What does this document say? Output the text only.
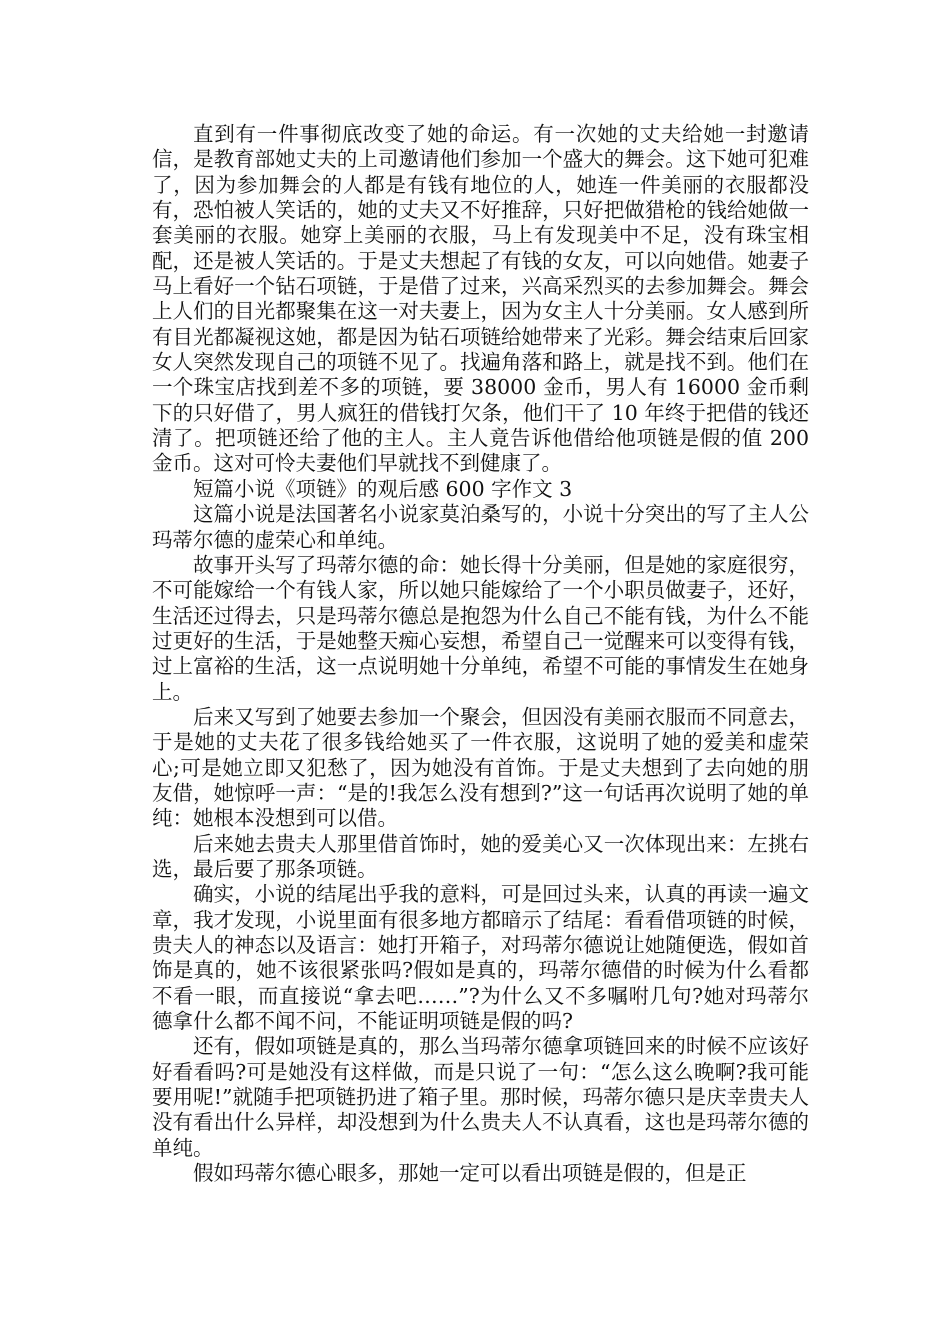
直到有一件事彻底改变了她的命运。有一次她的丈夫给她一封邀请信，是教育部她丈夫的上司邀请他们参加一个盛大的舞会。这下她可犯难了，因为参加舞会的人都是有钱有地位的人，她连一件美丽的衣服都没有，恐怕被人笑话的，她的丈夫又不好推辞，只好把做猎枪的钱给她做一套美丽的衣服。她穿上美丽的衣服，马上有发现美中不足，没有珠宝相配，还是被人笑话的。于是丈夫想起了有钱的女友，可以向她借。她妻子马上看好一个钻石项链，于是借了过来，兴高采烈买的去参加舞会。舞会上人们的目光都聚集在这一对夫妻上，因为女主人十分美丽。女人感到所有目光都凝视这她，都是因为钻石项链给她带来了光彩。舞会结束后回家女人突然发现自己的项链不见了。找遍角落和路上，就是找不到。他们在一个珠宝店找到差不多的项链，要 38000 金币，男人有 16000 金币剩下的只好借了，男人疯狂的借钱打欠条，他们干了 10 年终于把借的钱还清了。把项链还给了他的主人。主人竟告诉他借给他项链是假的值 200 金币。这对可怜夫妻他们早就找不到健康了。

短篇小说《项链》的观后感 600 字作文 3

这篇小说是法国著名小说家莫泊桑写的，小说十分突出的写了主人公玛蒂尔德的虚荣心和单纯。

故事开头写了玛蒂尔德的命：她长得十分美丽，但是她的家庭很穷，不可能嫁给一个有钱人家，所以她只能嫁给了一个小职员做妻子，还好，生活还过得去，只是玛蒂尔德总是抱怨为什么自己不能有钱，为什么不能过更好的生活，于是她整天痴心妄想，希望自己一觉醒来可以变得有钱，过上富裕的生活，这一点说明她十分单纯，希望不可能的事情发生在她身上。

后来又写到了她要去参加一个聚会，但因没有美丽衣服而不同意去，于是她的丈夫花了很多钱给她买了一件衣服，这说明了她的爱美和虚荣心;可是她立即又犯愁了，因为她没有首饰。于是丈夫想到了去向她的朋友借，她惊呼一声：“是的!我怎么没有想到?”这一句话再次说明了她的单纯：她根本没想到可以借。

后来她去贵夫人那里借首饰时，她的爱美心又一次体现出来：左挑右选，最后要了那条项链。

确实，小说的结尾出乎我的意料，可是回过头来，认真的再读一遍文章，我才发现，小说里面有很多地方都暗示了结尾：看看借项链的时候，贵夫人的神态以及语言：她打开箱子，对玛蒂尔德说让她随便选，假如首饰是真的，她不该很紧张吗?假如是真的，玛蒂尔德借的时候为什么看都不看一眼，而直接说“拿去吧……”?为什么又不多嘱咐几句?她对玛蒂尔德拿什么都不闻不问，不能证明项链是假的吗?

还有，假如项链是真的，那么当玛蒂尔德拿项链回来的时候不应该好好看看吗?可是她没有这样做，而是只说了一句：“怎么这么晚啊?我可能要用呢!”就随手把项链扔进了箱子里。那时候，玛蒂尔德只是庆幸贵夫人没有看出什么异样，却没想到为什么贵夫人不认真看，这也是玛蒂尔德的单纯。

假如玛蒂尔德心眼多，那她一定可以看出项链是假的，但是正
